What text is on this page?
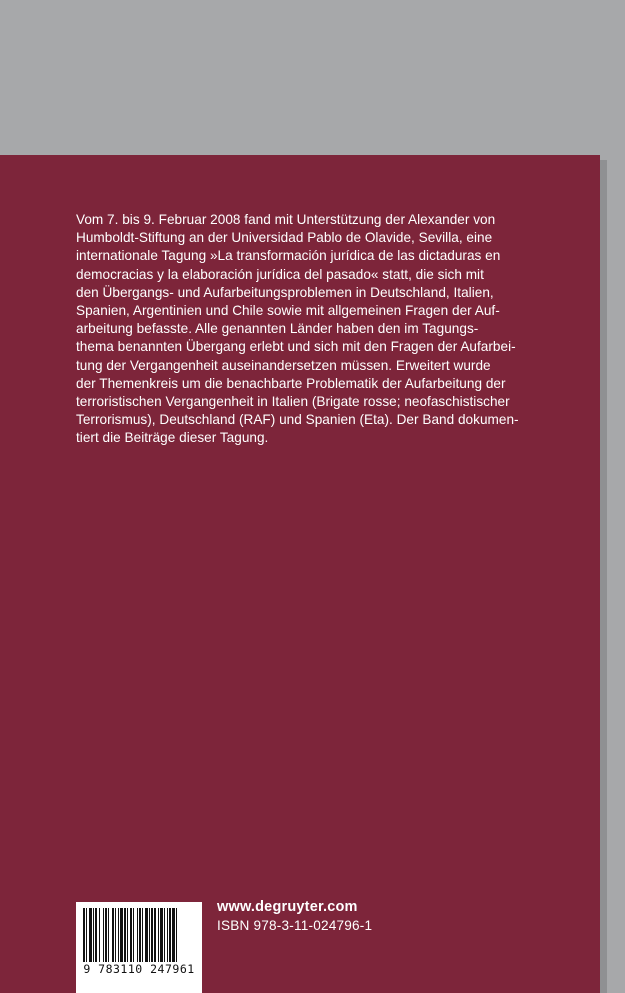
Vom 7. bis 9. Februar 2008 fand mit Unterstützung der Alexander von
Humboldt-Stiftung an der Universidad Pablo de Olavide, Sevilla, eine
internationale Tagung »La transformación jurídica de las dictaduras en
democracias y la elaboración jurídica del pasado« statt, die sich mit
den Übergangs- und Aufarbeitungsproblemen in Deutschland, Italien,
Spanien, Argentinien und Chile sowie mit allgemeinen Fragen der Auf-
arbeitung befasste. Alle genannten Länder haben den im Tagungs-
thema benannten Übergang erlebt und sich mit den Fragen der Aufarbei-
tung der Vergangenheit auseinandersetzen müssen. Erweitert wurde
der Themenkreis um die benachbarte Problematik der Aufarbeitung der
terroristischen Vergangenheit in Italien (Brigate rosse; neofaschistischer
Terrorismus), Deutschland (RAF) und Spanien (Eta). Der Band dokumen-
tiert die Beiträge dieser Tagung.

9 783110 247961
www.degruyter.com
ISBN 978-3-11-024796-1
